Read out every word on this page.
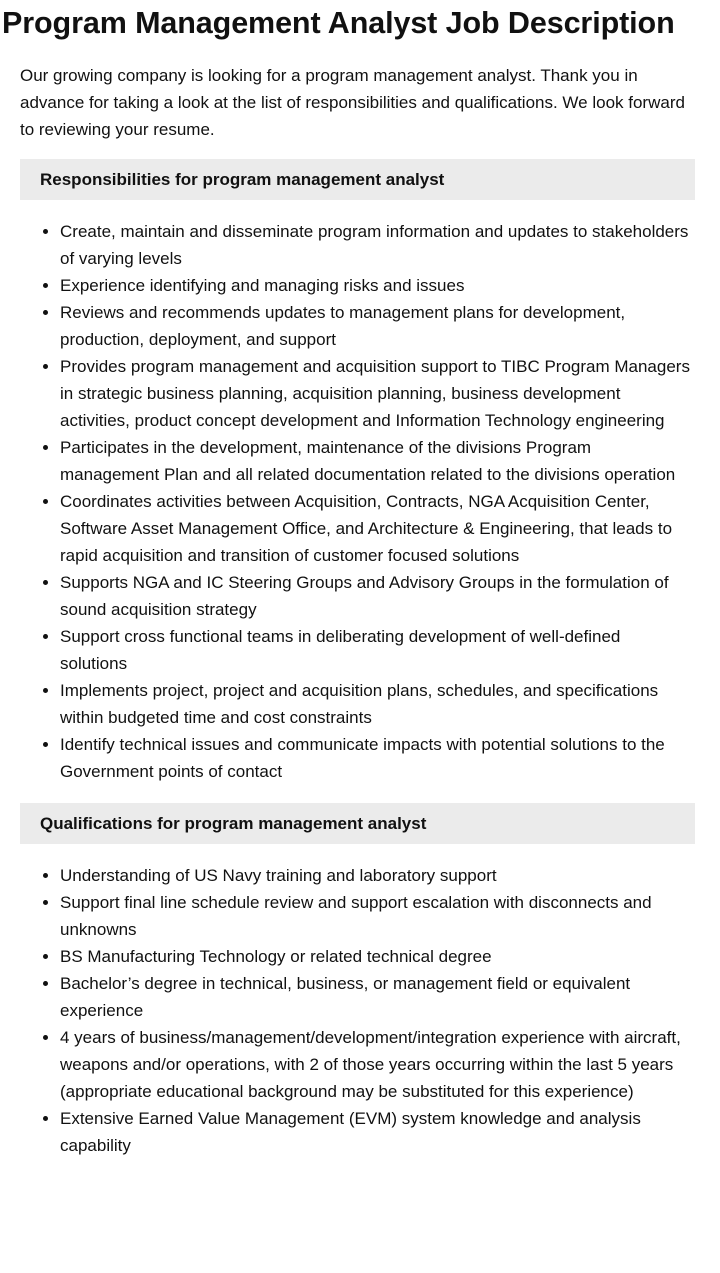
Program Management Analyst Job Description

Our growing company is looking for a program management analyst. Thank you in advance for taking a look at the list of responsibilities and qualifications. We look forward to reviewing your resume.

Responsibilities for program management analyst
• Create, maintain and disseminate program information and updates to stakeholders of varying levels
• Experience identifying and managing risks and issues
• Reviews and recommends updates to management plans for development, production, deployment, and support
• Provides program management and acquisition support to TIBC Program Managers in strategic business planning, acquisition planning, business development activities, product concept development and Information Technology engineering
• Participates in the development, maintenance of the divisions Program management Plan and all related documentation related to the divisions operation
• Coordinates activities between Acquisition, Contracts, NGA Acquisition Center, Software Asset Management Office, and Architecture & Engineering, that leads to rapid acquisition and transition of customer focused solutions
• Supports NGA and IC Steering Groups and Advisory Groups in the formulation of sound acquisition strategy
• Support cross functional teams in deliberating development of well-defined solutions
• Implements project, project and acquisition plans, schedules, and specifications within budgeted time and cost constraints
• Identify technical issues and communicate impacts with potential solutions to the Government points of contact
Qualifications for program management analyst
• Understanding of US Navy training and laboratory support
• Support final line schedule review and support escalation with disconnects and unknowns
• BS Manufacturing Technology or related technical degree
• Bachelor’s degree in technical, business, or management field or equivalent experience
• 4 years of business/management/development/integration experience with aircraft, weapons and/or operations, with 2 of those years occurring within the last 5 years (appropriate educational background may be substituted for this experience)
• Extensive Earned Value Management (EVM) system knowledge and analysis capability
